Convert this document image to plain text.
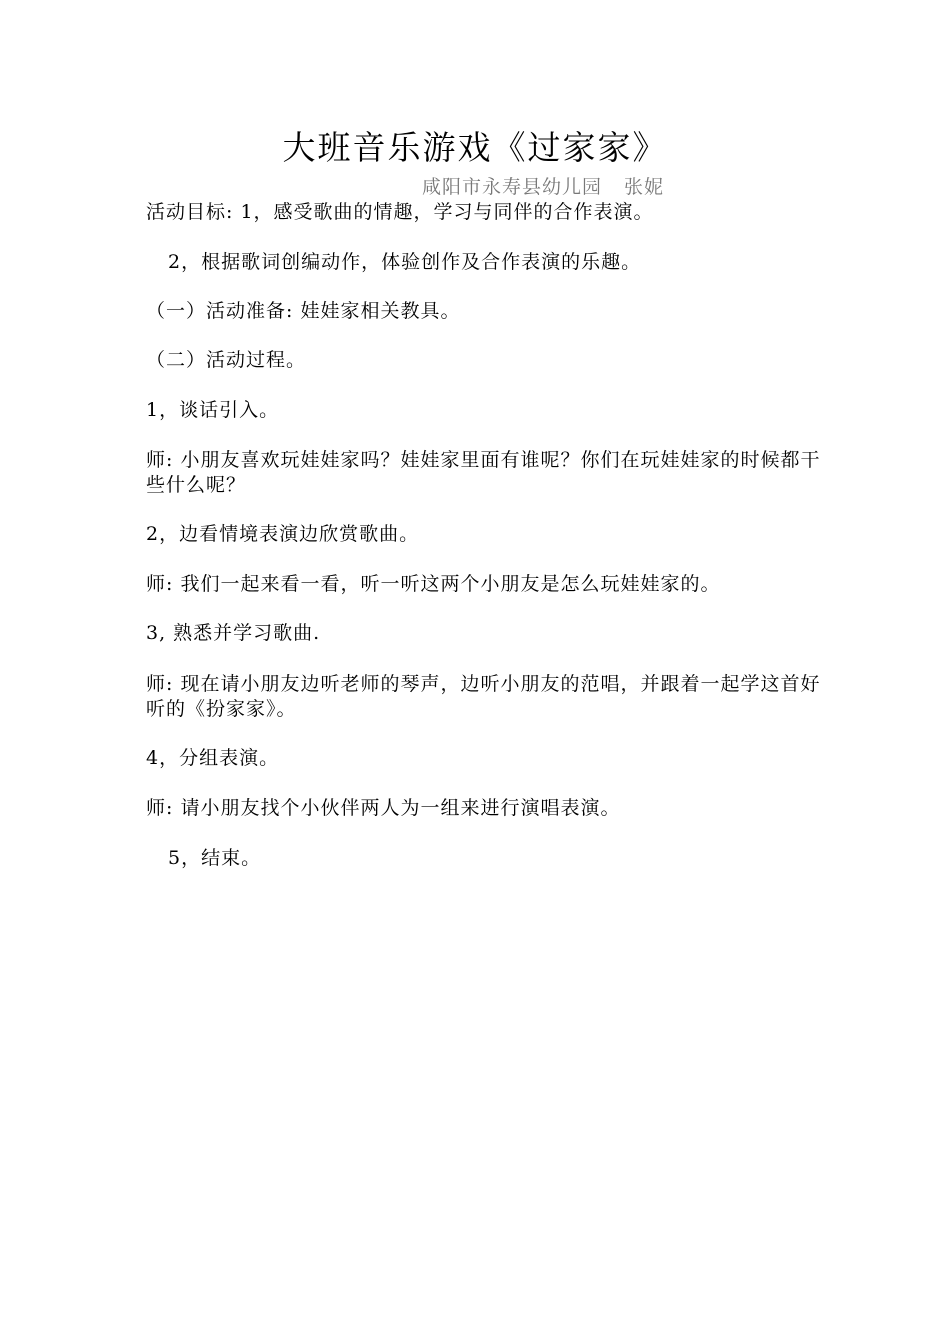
大班音乐游戏《过家家》
咸阳市永寿县幼儿园 张妮
活动目标: 1，感受歌曲的情趣，学习与同伴的合作表演。
2，根据歌词创编动作，体验创作及合作表演的乐趣。
（一）活动准备: 娃娃家相关教具。
（二）活动过程。
1，谈话引入。
师: 小朋友喜欢玩娃娃家吗？娃娃家里面有谁呢？你们在玩娃娃家的时候都干些什么呢？
2，边看情境表演边欣赏歌曲。
师: 我们一起来看一看，听一听这两个小朋友是怎么玩娃娃家的。
3, 熟悉并学习歌曲.
师: 现在请小朋友边听老师的琴声，边听小朋友的范唱，并跟着一起学这首好听的《扮家家》。
4，分组表演。
师: 请小朋友找个小伙伴两人为一组来进行演唱表演。
5，结束。
